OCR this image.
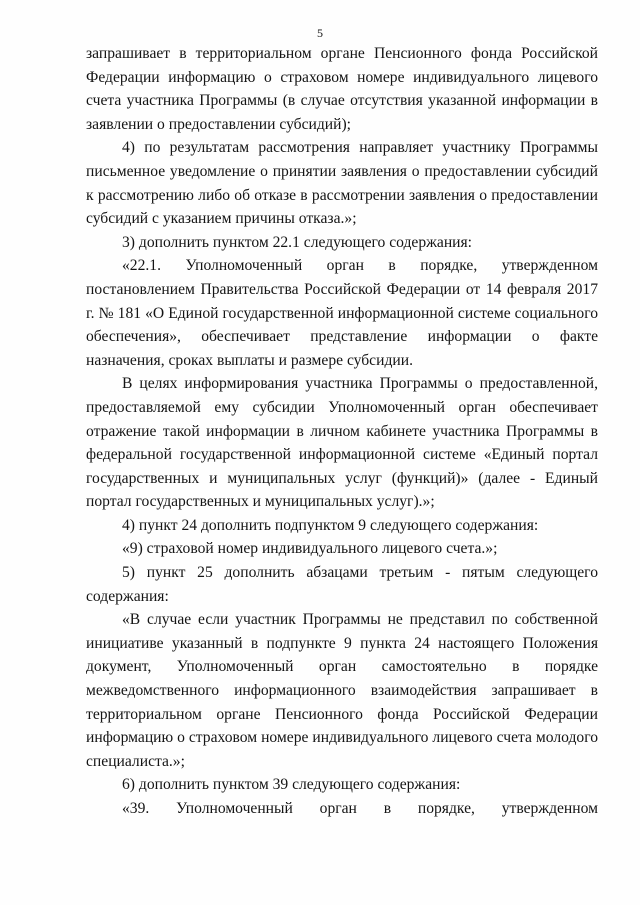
5

запрашивает в территориальном органе Пенсионного фонда Российской Федерации информацию о страховом номере индивидуального лицевого счета участника Программы (в случае отсутствия указанной информации в заявлении о предоставлении субсидий);

4) по результатам рассмотрения направляет участнику Программы письменное уведомление о принятии заявления о предоставлении субсидий к рассмотрению либо об отказе в рассмотрении заявления о предоставлении субсидий с указанием причины отказа.»;

3) дополнить пунктом 22.1 следующего содержания:

«22.1. Уполномоченный орган в порядке, утвержденном постановлением Правительства Российской Федерации от 14 февраля 2017 г. № 181 «О Единой государственной информационной системе социального обеспечения», обеспечивает представление информации о факте назначения, сроках выплаты и размере субсидии.

В целях информирования участника Программы о предоставленной, предоставляемой ему субсидии Уполномоченный орган обеспечивает отражение такой информации в личном кабинете участника Программы в федеральной государственной информационной системе «Единый портал государственных и муниципальных услуг (функций)» (далее - Единый портал государственных и муниципальных услуг).»;

4) пункт 24 дополнить подпунктом 9 следующего содержания:

«9) страховой номер индивидуального лицевого счета.»;

5) пункт 25 дополнить абзацами третьим - пятым следующего содержания:

«В случае если участник Программы не представил по собственной инициативе указанный в подпункте 9 пункта 24 настоящего Положения документ, Уполномоченный орган самостоятельно в порядке межведомственного информационного взаимодействия запрашивает в территориальном органе Пенсионного фонда Российской Федерации информацию о страховом номере индивидуального лицевого счета молодого специалиста.»;

6) дополнить пунктом 39 следующего содержания:

«39. Уполномоченный орган в порядке, утвержденном
